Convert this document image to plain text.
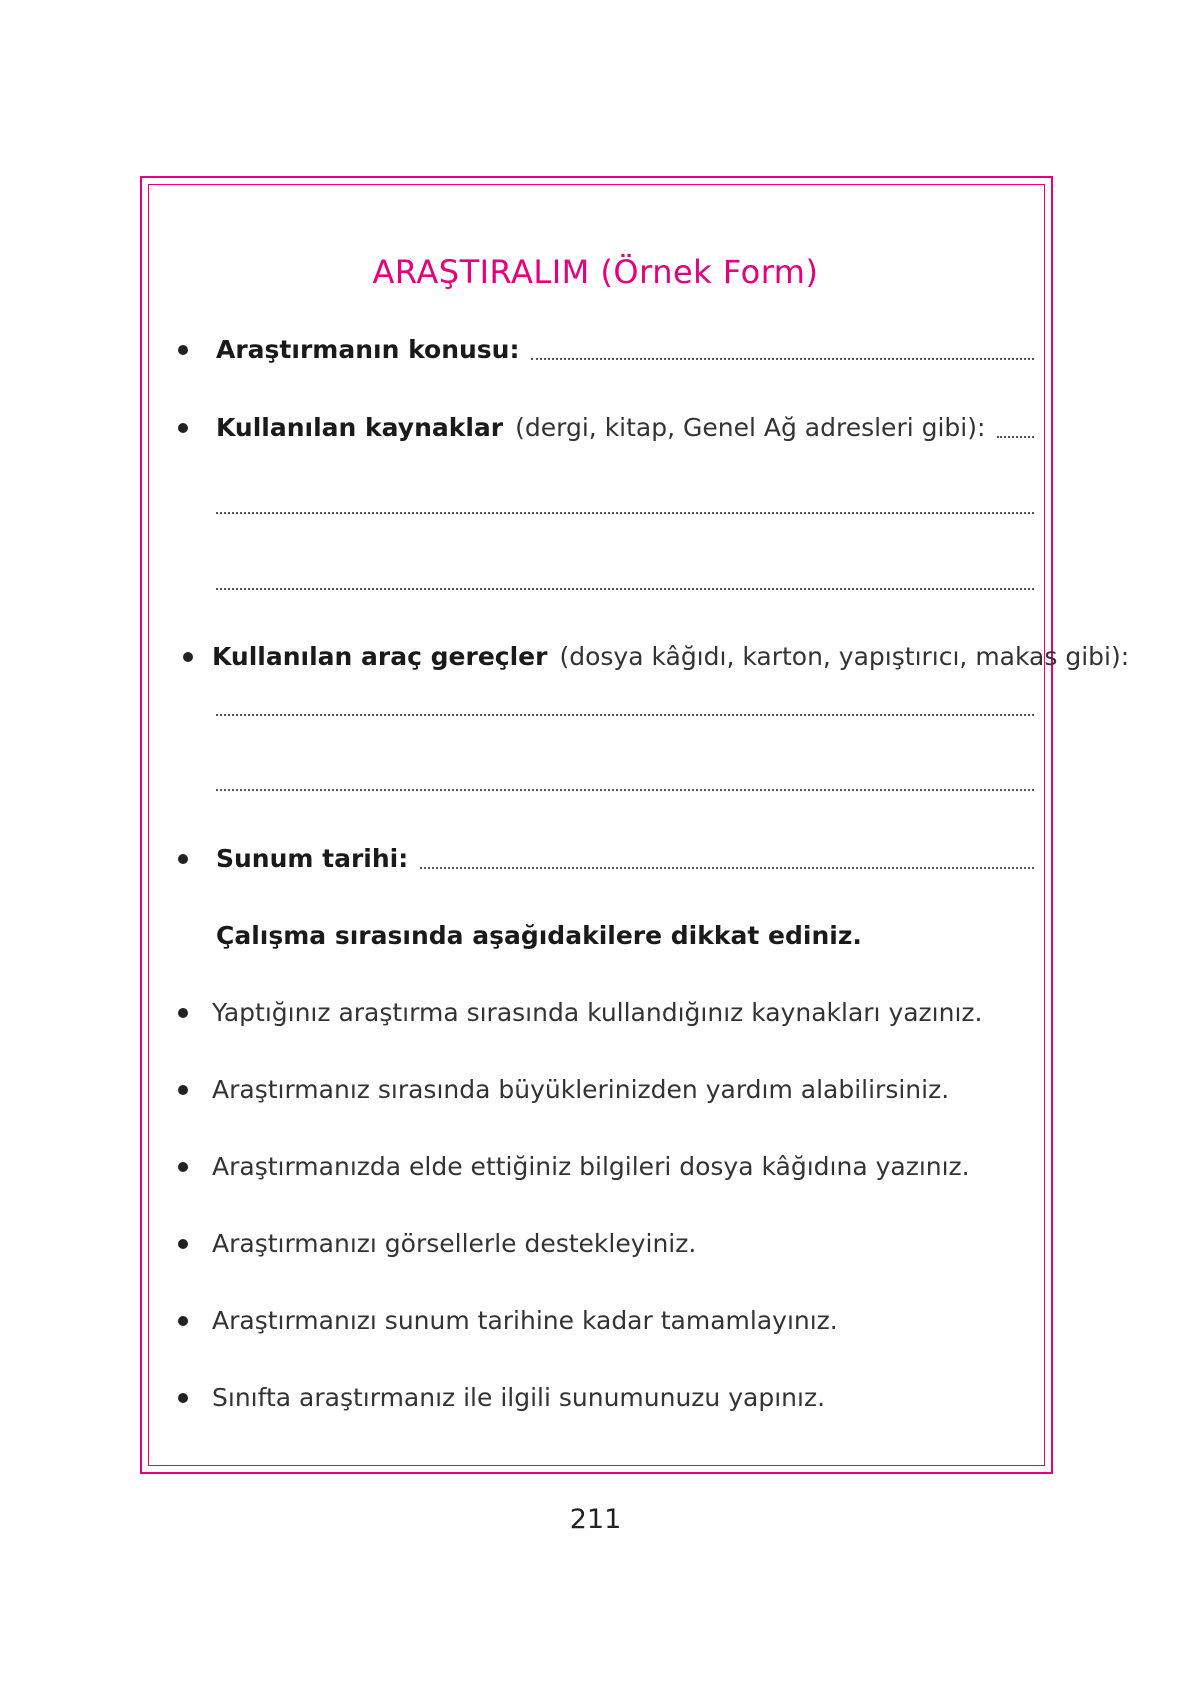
ARAŞTIRALIM (Örnek Form)
Araştırmanın konusu:
Kullanılan kaynaklar (dergi, kitap, Genel Ağ adresleri gibi):
Kullanılan araç gereçler (dosya kâğıdı, karton, yapıştırıcı, makas gibi):
Sunum tarihi:
Çalışma sırasında aşağıdakilere dikkat ediniz.
Yaptığınız araştırma sırasında kullandığınız kaynakları yazınız.
Araştırmanız sırasında büyüklerinizden yardım alabilirsiniz.
Araştırmanızda elde ettiğiniz bilgileri dosya kâğıdına yazınız.
Araştırmanızı görsellerle destekleyiniz.
Araştırmanızı sunum tarihine kadar tamamlayınız.
Sınıfta araştırmanız ile ilgili sunumunuzu yapınız.
211
